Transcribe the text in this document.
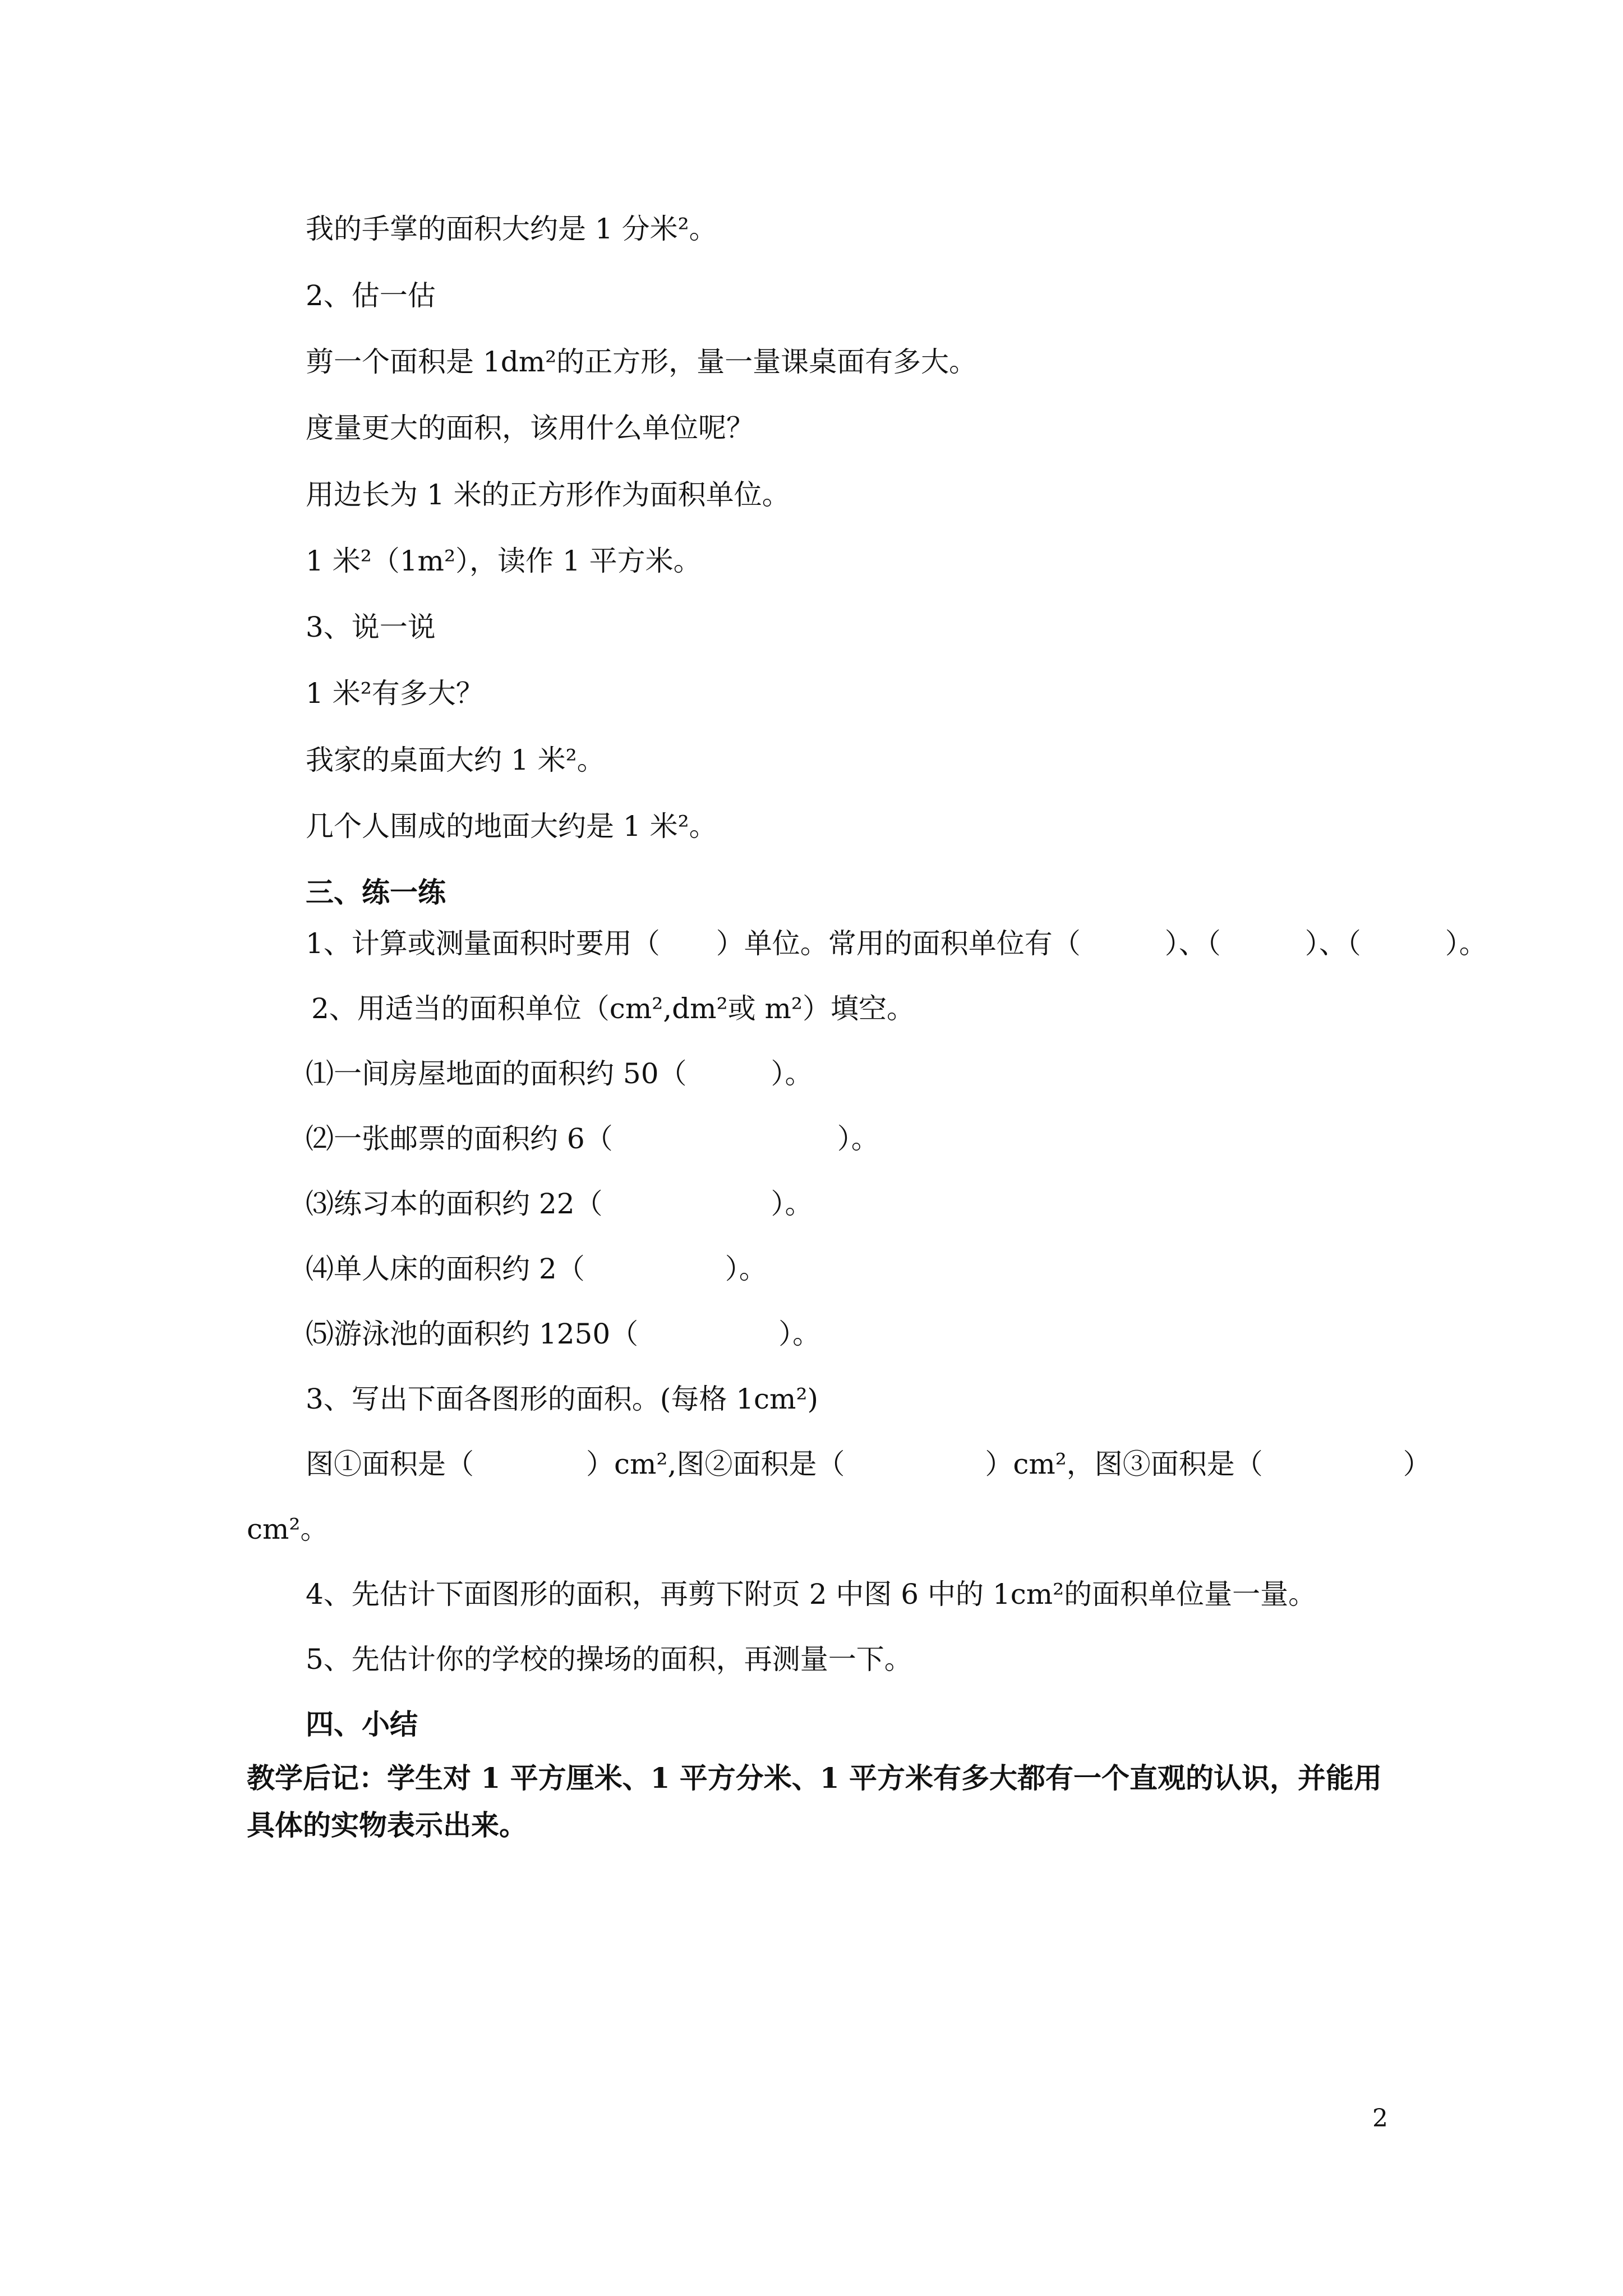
我的手掌的面积大约是 1 分米²。
2、估一估
剪一个面积是 1dm²的正方形，量一量课桌面有多大。
度量更大的面积，该用什么单位呢？
用边长为 1 米的正方形作为面积单位。
1 米²（1m²），读作 1 平方米。
3、说一说
1 米²有多大？
我家的桌面大约 1 米²。
几个人围成的地面大约是 1 米²。
三、练一练
1、计算或测量面积时要用（　　）单位。常用的面积单位有（　　　）、（　　　）、（　　　）。
2、用适当的面积单位（cm²,dm²或 m²）填空。
⑴一间房屋地面的面积约 50（　　　）。
⑵一张邮票的面积约 6（　　　　　　　　）。
⑶练习本的面积约 22（　　　　　　）。
⑷单人床的面积约 2（　　　　　）。
⑸游泳池的面积约 1250（　　　　　）。
3、写出下面各图形的面积。(每格 1cm²)
图①面积是（　　　　）cm²,图②面积是（　　　　　）cm²，图③面积是（　　　　　）
cm²。
4、先估计下面图形的面积，再剪下附页 2 中图 6 中的 1cm²的面积单位量一量。
5、先估计你的学校的操场的面积，再测量一下。
四、小结
教学后记：学生对 1 平方厘米、1 平方分米、1 平方米有多大都有一个直观的认识，并能用具体的实物表示出来。
2
